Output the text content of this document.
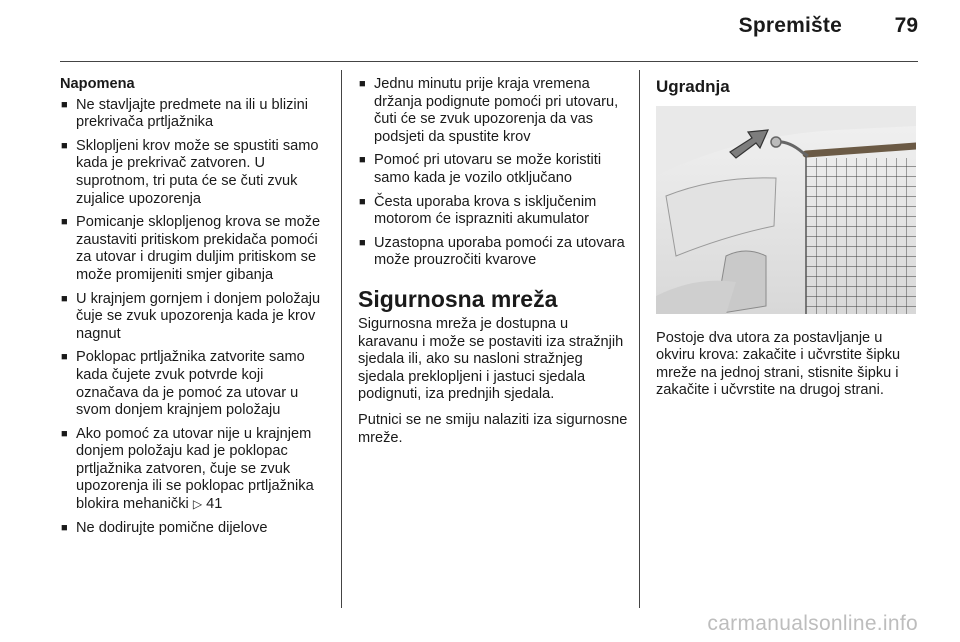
Spremište	79
Napomena
■ Ne stavljajte predmete na ili u blizini prekrivača prtljažnika
■ Sklopljeni krov može se spustiti samo kada je prekrivač zatvoren. U suprotnom, tri puta će se čuti zvuk zujalice upozorenja
■ Pomicanje sklopljenog krova se može zaustaviti pritiskom prekidača pomoći za utovar i drugim duljim pritiskom se može promijeniti smjer gibanja
■ U krajnjem gornjem i donjem položaju čuje se zvuk upozorenja kada je krov nagnut
■ Poklopac prtljažnika zatvorite samo kada čujete zvuk potvrde koji označava da je pomoć za utovar u svom donjem krajnjem položaju
■ Ako pomoć za utovar nije u krajnjem donjem položaju kad je poklopac prtljažnika zatvoren, čuje se zvuk upozorenja ili se poklopac prtljažnika blokira mehanički ▷ 41
■ Ne dodirujte pomične dijelove
■ Jednu minutu prije kraja vremena držanja podignute pomoći pri utovaru, čuti će se zvuk upozorenja da vas podsjeti da spustite krov
■ Pomoć pri utovaru se može koristiti samo kada je vozilo otključano
■ Česta uporaba krova s isključenim motorom će isprazniti akumulator
■ Uzastopna uporaba pomoći za utovara može prouzročiti kvarove
Sigurnosna mreža

Sigurnosna mreža je dostupna u karavanu i može se postaviti iza stražnjih sjedala ili, ako su nasloni stražnjeg sjedala preklopljeni i jastuci sjedala podignuti, iza prednjih sjedala.

Putnici se ne smiju nalaziti iza sigurnosne mreže.

Ugradnja

Postoje dva utora za postavljanje u okviru krova: zakačite i učvrstite šipku mreže na jednoj strani, stisnite šipku i zakačite i učvrstite na drugoj strani.

carmanualsonline.info
